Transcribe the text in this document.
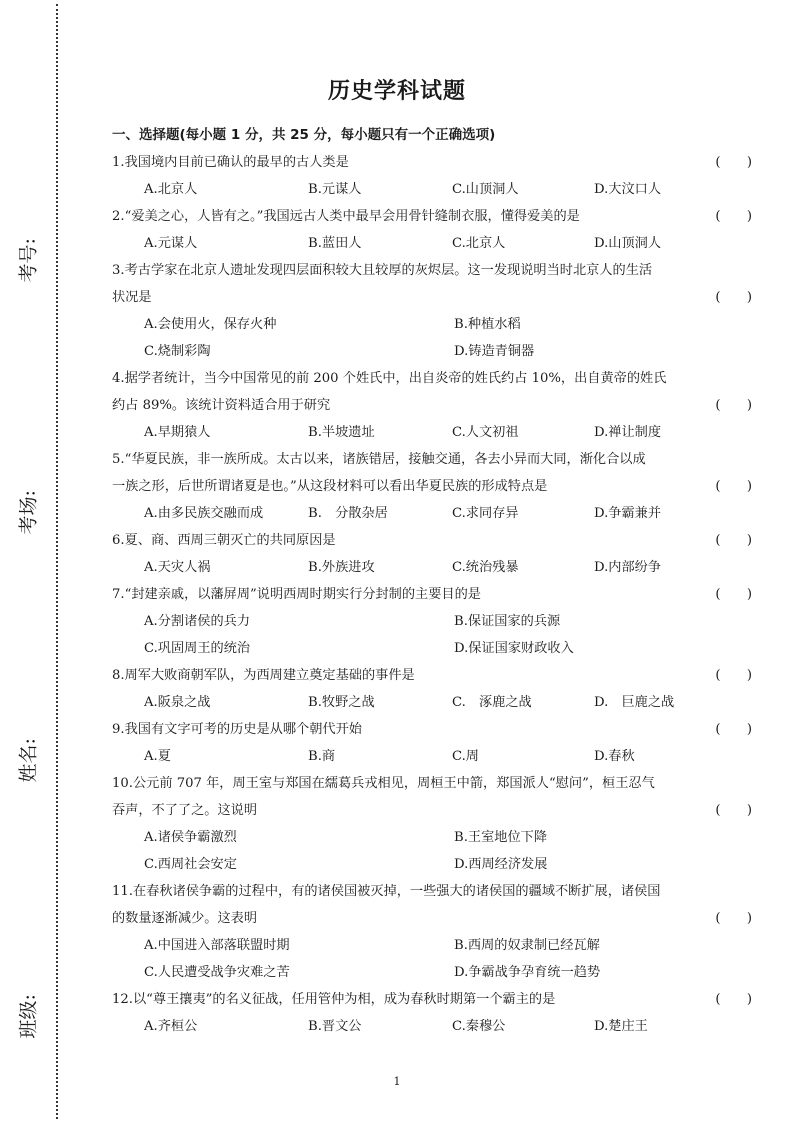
考号:
考场:
姓名:
班级:
历史学科试题
一、选择题(每小题 1 分，共 25 分，每小题只有一个正确选项)
1.我国境内目前已确认的最早的古人类是	(　　)
A.北京人	B.元谋人	C.山顶洞人	D.大汶口人
2.“爱美之心，人皆有之。”我国远古人类中最早会用骨针缝制衣服，懂得爱美的是	(　　)
A.元谋人	B.蓝田人	C.北京人	D.山顶洞人
3.考古学家在北京人遗址发现四层面积较大且较厚的灰烬层。这一发现说明当时北京人的生活
状况是	(　　)
A.会使用火，保存火种	B.种植水稻
C.烧制彩陶	D.铸造青铜器
4.据学者统计，当今中国常见的前 200 个姓氏中，出自炎帝的姓氏约占 10%，出自黄帝的姓氏
约占 89%。该统计资料适合用于研究	(　　)
A.早期猿人	B.半坡遗址	C.人文初祖	D.禅让制度
5.“华夏民族，非一族所成。太古以来，诸族错居，接触交通，各去小异而大同，渐化合以成
一族之形，后世所谓诸夏是也。”从这段材料可以看出华夏民族的形成特点是	(　　)
A.由多民族交融而成	B.　分散杂居	C.求同存异	D.争霸兼并
6.夏、商、西周三朝灭亡的共同原因是	(　　)
A.天灾人祸	B.外族进攻	C.统治残暴	D.内部纷争
7.“封建亲戚，以藩屏周”说明西周时期实行分封制的主要目的是	(　　)
A.分割诸侯的兵力	B.保证国家的兵源
C.巩固周王的统治	D.保证国家财政收入
8.周军大败商朝军队，为西周建立奠定基础的事件是	(　　)
A.阪泉之战	B.牧野之战	C.　涿鹿之战	D.　巨鹿之战
9.我国有文字可考的历史是从哪个朝代开始	(　　)
A.夏	B.商	C.周	D.春秋
10.公元前 707 年，周王室与郑国在繻葛兵戎相见，周桓王中箭，郑国派人“慰问”，桓王忍气
吞声，不了了之。这说明	(　　)
A.诸侯争霸激烈	B.王室地位下降
C.西周社会安定	D.西周经济发展
11.在春秋诸侯争霸的过程中，有的诸侯国被灭掉，一些强大的诸侯国的疆域不断扩展，诸侯国
的数量逐渐减少。这表明	(　　)
A.中国进入部落联盟时期	B.西周的奴隶制已经瓦解
C.人民遭受战争灾难之苦	D.争霸战争孕育统一趋势
12.以“尊王攘夷”的名义征战，任用管仲为相，成为春秋时期第一个霸主的是	(　　)
A.齐桓公	B.晋文公	C.秦穆公	D.楚庄王
1
